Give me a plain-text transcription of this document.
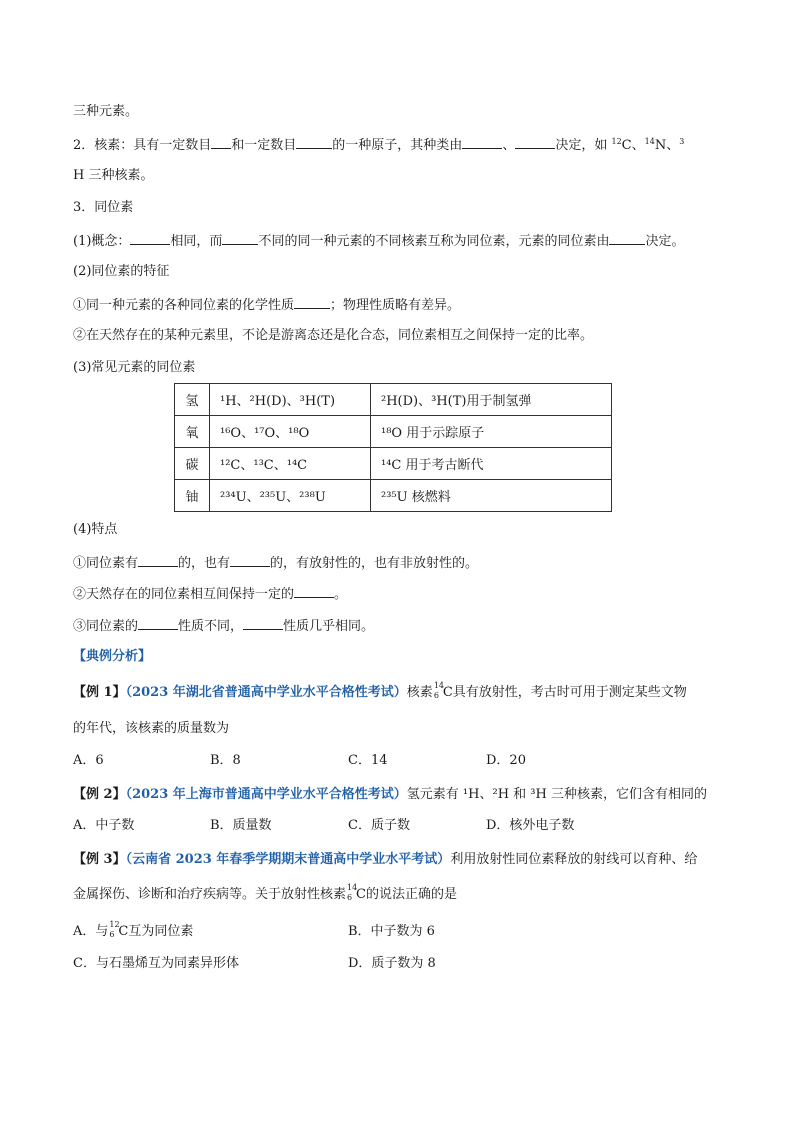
三种元素。
2．核素：具有一定数目 和一定数目	的一种原子，其种类由	、	决定，如 $^{12}$C、$^{14}$N、$^3$
H 三种核素。
3．同位素
(1)概念：	相同，而	不同的同一种元素的不同核素互称为同位素，元素的同位素由	决定。
(2)同位素的特征
①同一种元素的各种同位素的化学性质	；物理性质略有差异。
②在天然存在的某种元素里，不论是游离态还是化合态，同位素相互之间保持一定的比率。
(3)常见元素的同位素
氢	¹H、²H(D)、³H(T)	²H(D)、³H(T)用于制氢弹
氧	¹⁶O、¹⁷O、¹⁸O	¹⁸O 用于示踪原子
碳	¹²C、¹³C、¹⁴C	¹⁴C 用于考古断代
铀	²³⁴U、²³⁵U、²³⁸U	²³⁵U 核燃料
(4)特点
①同位素有	的，也有	的，有放射性的，也有非放射性的。
②天然存在的同位素相互间保持一定的	。
③同位素的	性质不同，	性质几乎相同。
【典例分析】
【例 1】（2023 年湖北省普通高中学业水平合格性考试）核素 14
6 C具有放射性，考古时可用于测定某些文物
的年代，该核素的质量数为
A．6	B．8	C．14	D．20
【例 2】（2023 年上海市普通高中学业水平合格性考试）氢元素有 ¹H、²H 和 ³H 三种核素，它们含有相同的
A．中子数	B．质量数	C．质子数	D．核外电子数
【例 3】（云南省 2023 年春季学期期末普通高中学业水平考试）利用放射性同位素释放的射线可以育种、给
金属探伤、诊断和治疗疾病等。关于放射性核素 14
6 C的说法正确的是
A．与 12
6 C互为同位素	B．中子数为 6
C．与石墨烯互为同素异形体	D．质子数为 8
